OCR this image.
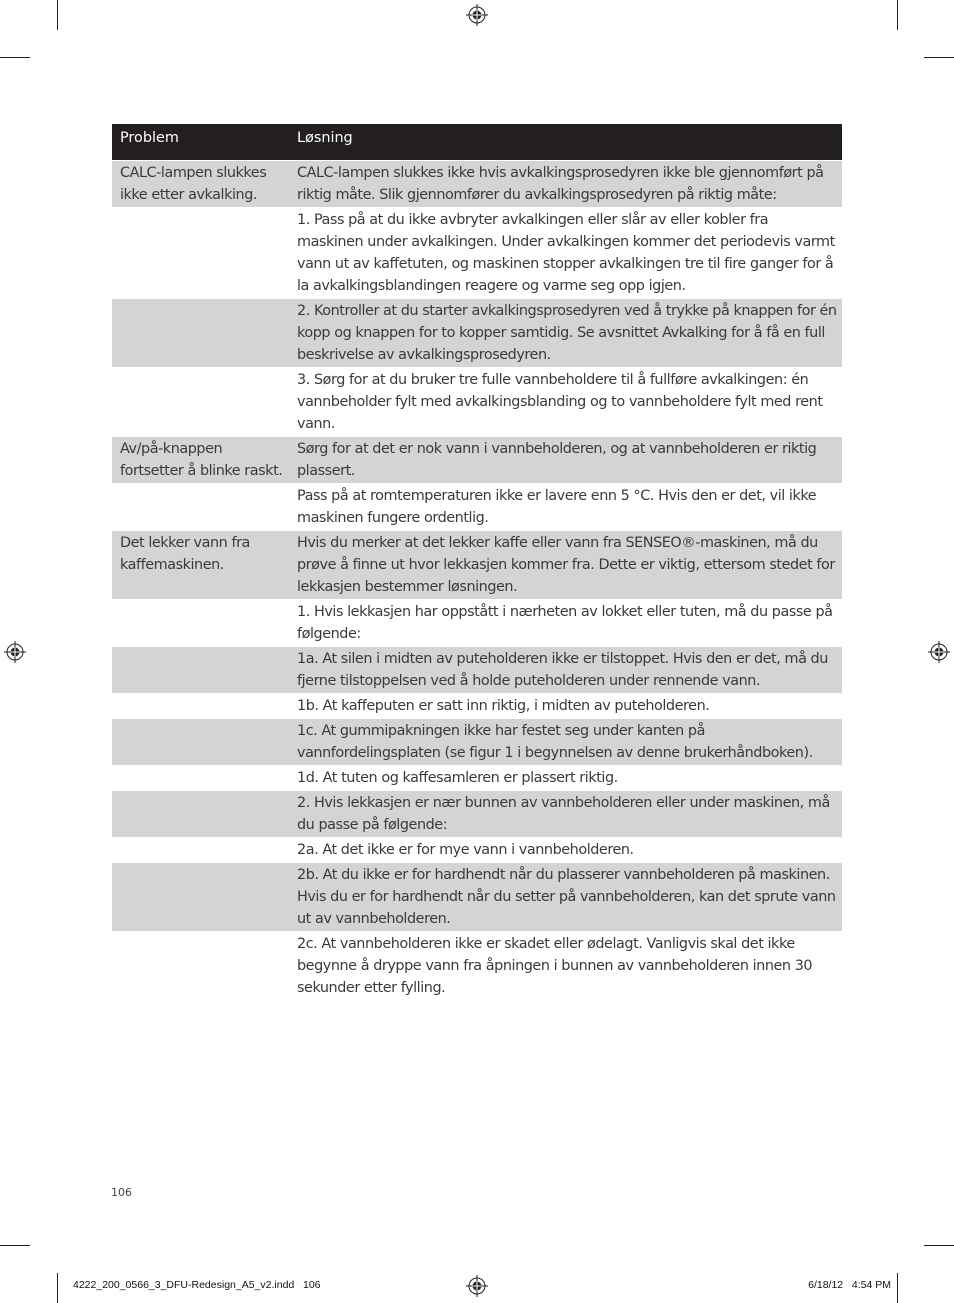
Problem	Løsning
CALC-lampen slukkes ikke etter avkalking.	CALC-lampen slukkes ikke hvis avkalkingsprosedyren ikke ble gjennomført på riktig måte. Slik gjennomfører du avkalkingsprosedyren på riktig måte:
	1. Pass på at du ikke avbryter avkalkingen eller slår av eller kobler fra maskinen under avkalkingen. Under avkalkingen kommer det periodevis varmt vann ut av kaffetuten, og maskinen stopper avkalkingen tre til fire ganger for å la avkalkingsblandingen reagere og varme seg opp igjen.
	2. Kontroller at du starter avkalkingsprosedyren ved å trykke på knappen for én kopp og knappen for to kopper samtidig. Se avsnittet Avkalking for å få en full beskrivelse av avkalkingsprosedyren.
	3. Sørg for at du bruker tre fulle vannbeholdere til å fullføre avkalkingen: én vannbeholder fylt med avkalkingsblanding og to vannbeholdere fylt med rent vann.
Av/på-knappen fortsetter å blinke raskt.	Sørg for at det er nok vann i vannbeholderen, og at vannbeholderen er riktig plassert.
	Pass på at romtemperaturen ikke er lavere enn 5 °C. Hvis den er det, vil ikke maskinen fungere ordentlig.
Det lekker vann fra kaffemaskinen.	Hvis du merker at det lekker kaffe eller vann fra SENSEO®-maskinen, må du prøve å finne ut hvor lekkasjen kommer fra. Dette er viktig, ettersom stedet for lekkasjen bestemmer løsningen.
	1. Hvis lekkasjen har oppstått i nærheten av lokket eller tuten, må du passe på følgende:
	1a. At silen i midten av puteholderen ikke er tilstoppet. Hvis den er det, må du fjerne tilstoppelsen ved å holde puteholderen under rennende vann.
	1b. At kaffeputen er satt inn riktig, i midten av puteholderen.
	1c. At gummipakningen ikke har festet seg under kanten på vannfordelingsplaten (se figur 1 i begynnelsen av denne brukerhåndboken).
	1d. At tuten og kaffesamleren er plassert riktig.
	2. Hvis lekkasjen er nær bunnen av vannbeholderen eller under maskinen, må du passe på følgende:
	2a. At det ikke er for mye vann i vannbeholderen.
	2b. At du ikke er for hardhendt når du plasserer vannbeholderen på maskinen. Hvis du er for hardhendt når du setter på vannbeholderen, kan det sprute vann ut av vannbeholderen.
	2c. At vannbeholderen ikke er skadet eller ødelagt. Vanligvis skal det ikke begynne å dryppe vann fra åpningen i bunnen av vannbeholderen innen 30 sekunder etter fylling.
106
4222_200_0566_3_DFU-Redesign_A5_v2.indd   106	6/18/12   4:54 PM
